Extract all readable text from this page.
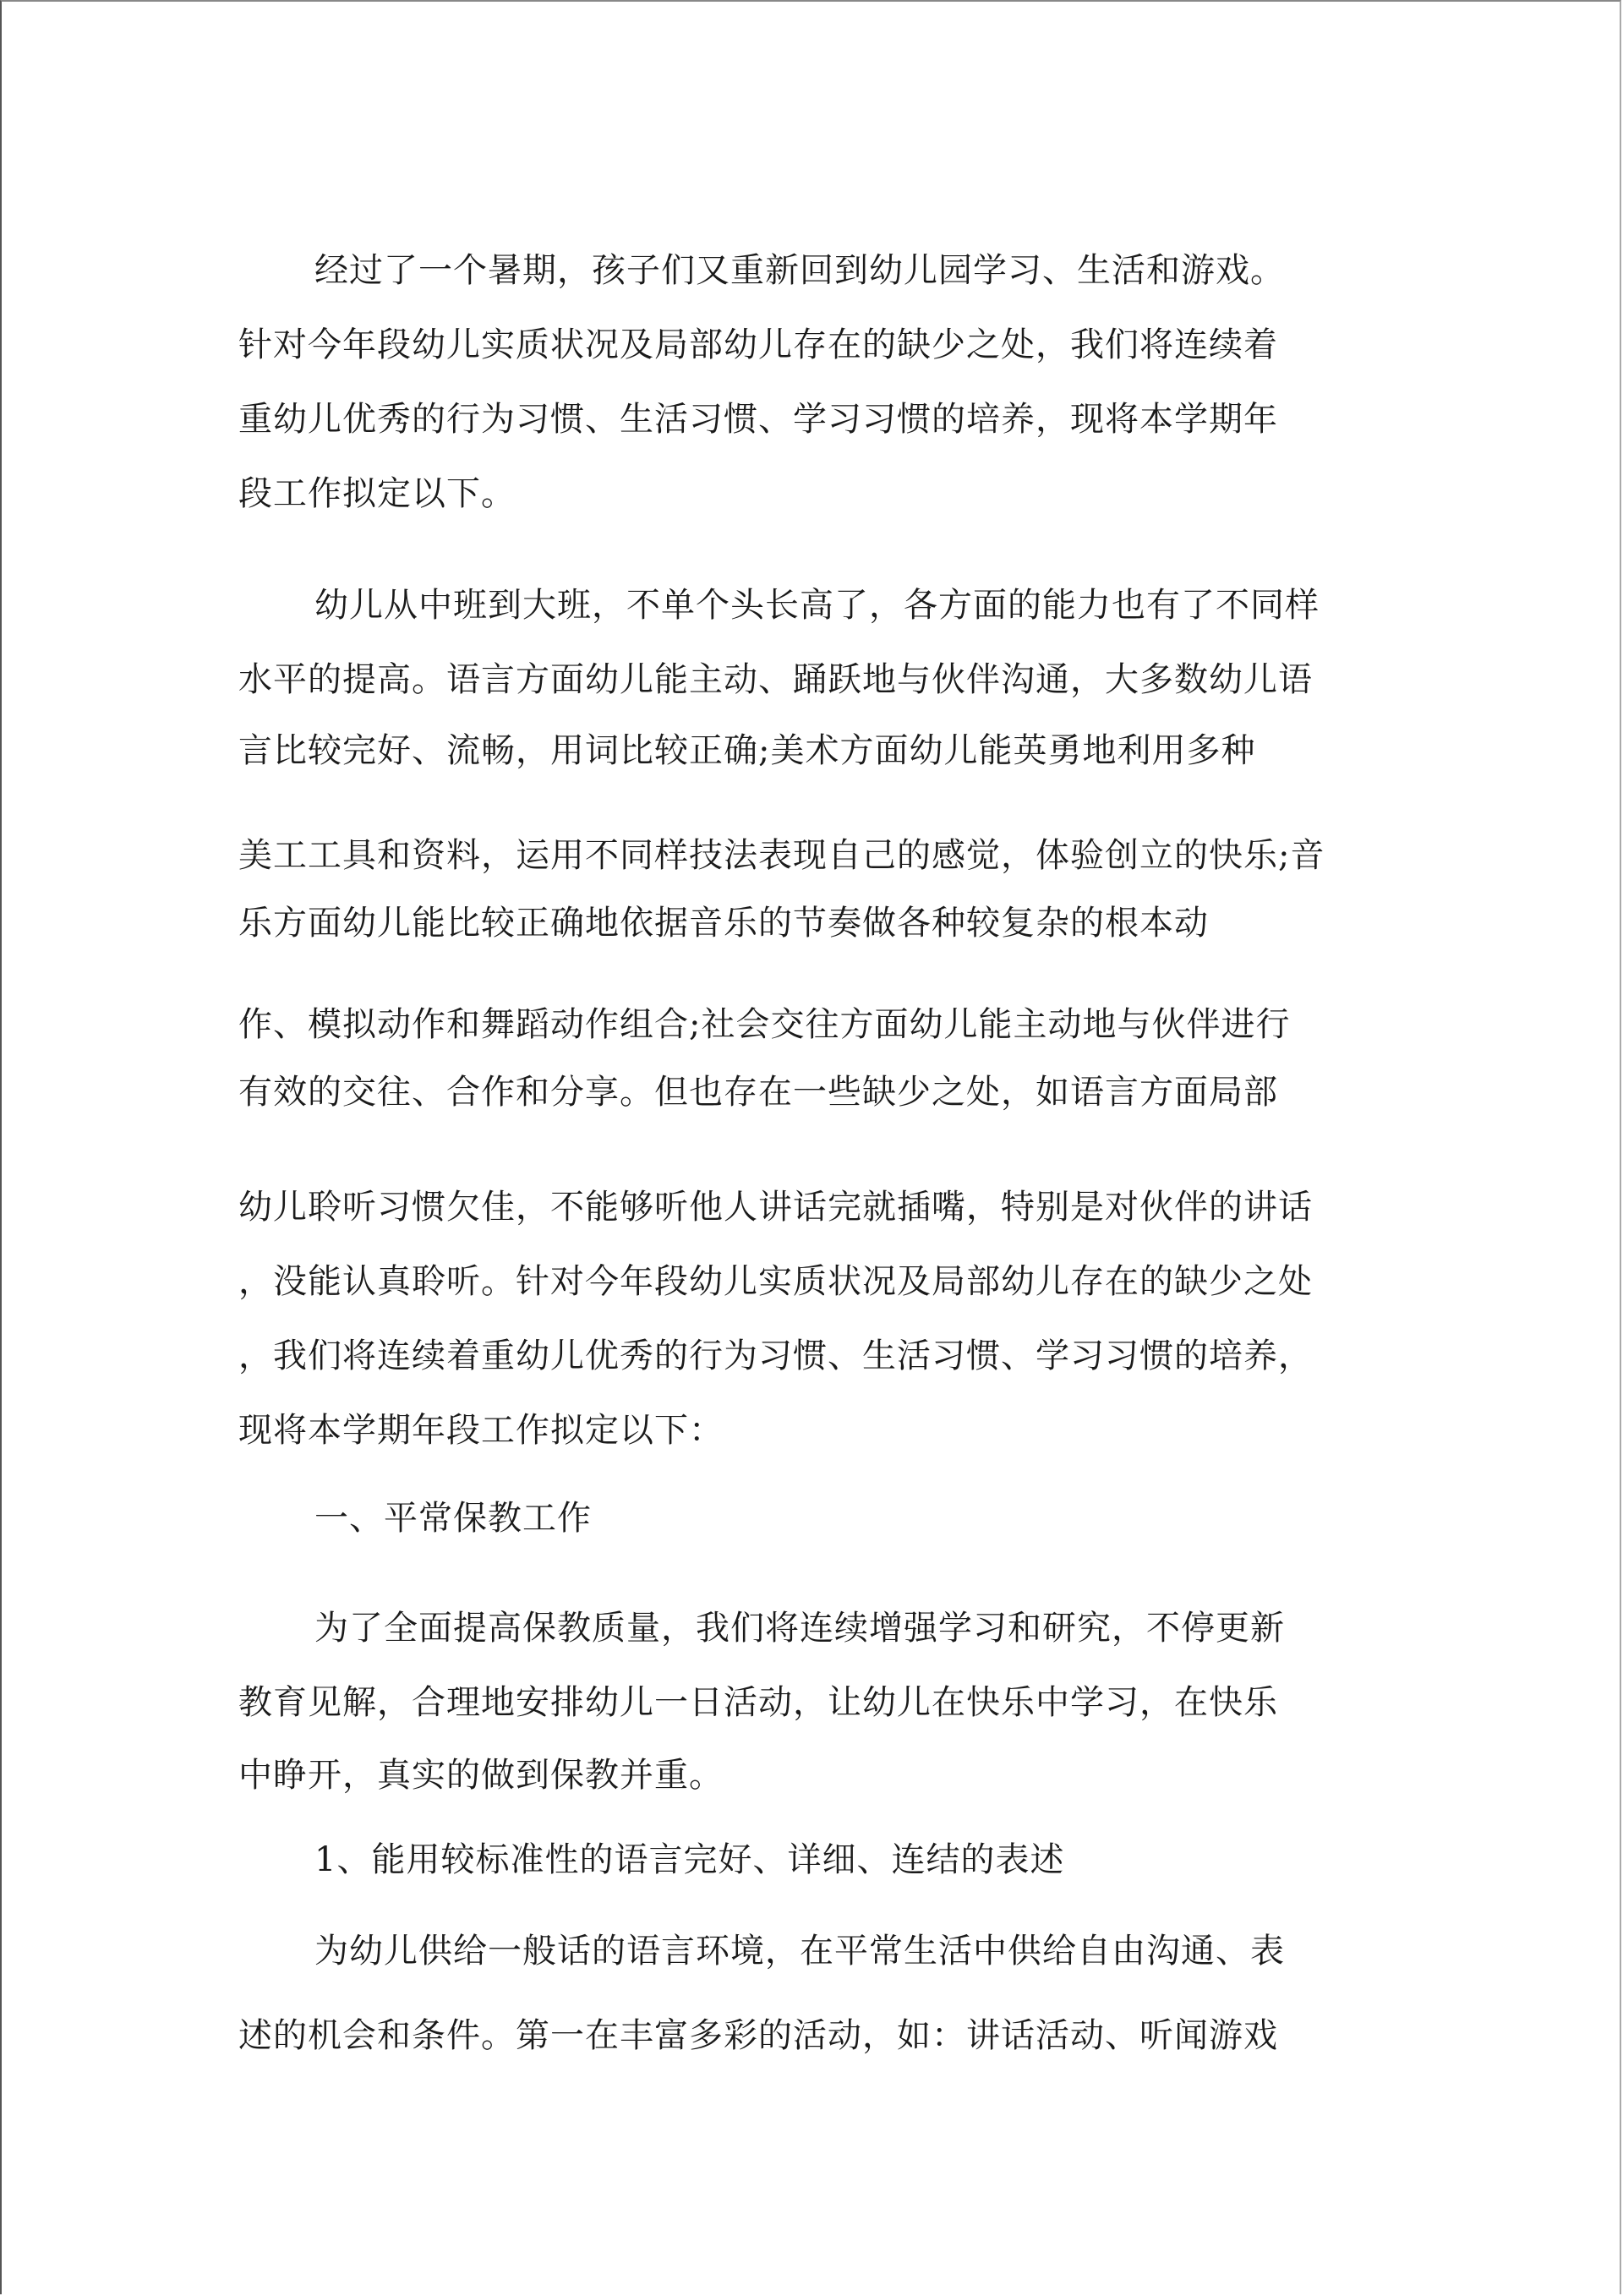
经过了一个暑期，孩子们又重新回到幼儿园学习、生活和游戏。

针对今年段幼儿实质状况及局部幼儿存在的缺少之处，我们将连续着

重幼儿优秀的行为习惯、生活习惯、学习习惯的培养，现将本学期年

段工作拟定以下。

幼儿从中班到大班，不单个头长高了，各方面的能力也有了不同样

水平的提高。语言方面幼儿能主动、踊跃地与伙伴沟通，大多数幼儿语

言比较完好、流畅，用词比较正确;美术方面幼儿能英勇地利用多种

美工工具和资料，运用不同样技法表现自己的感觉，体验创立的快乐;音

乐方面幼儿能比较正确地依据音乐的节奏做各种较复杂的根本动

作、模拟动作和舞蹈动作组合;社会交往方面幼儿能主动地与伙伴进行

有效的交往、合作和分享。但也存在一些缺少之处，如语言方面局部

幼儿聆听习惯欠佳，不能够听他人讲话完就插嘴，特别是对伙伴的讲话

，没能认真聆听。针对今年段幼儿实质状况及局部幼儿存在的缺少之处

，我们将连续着重幼儿优秀的行为习惯、生活习惯、学习习惯的培养，

现将本学期年段工作拟定以下：

一、平常保教工作

为了全面提高保教质量，我们将连续增强学习和研究，不停更新

教育见解，合理地安排幼儿一日活动，让幼儿在快乐中学习，在快乐

中睁开，真实的做到保教并重。

1、能用较标准性的语言完好、详细、连结的表述

为幼儿供给一般话的语言环境，在平常生活中供给自由沟通、表

述的机会和条件。第一在丰富多彩的活动，如：讲话活动、听闻游戏
